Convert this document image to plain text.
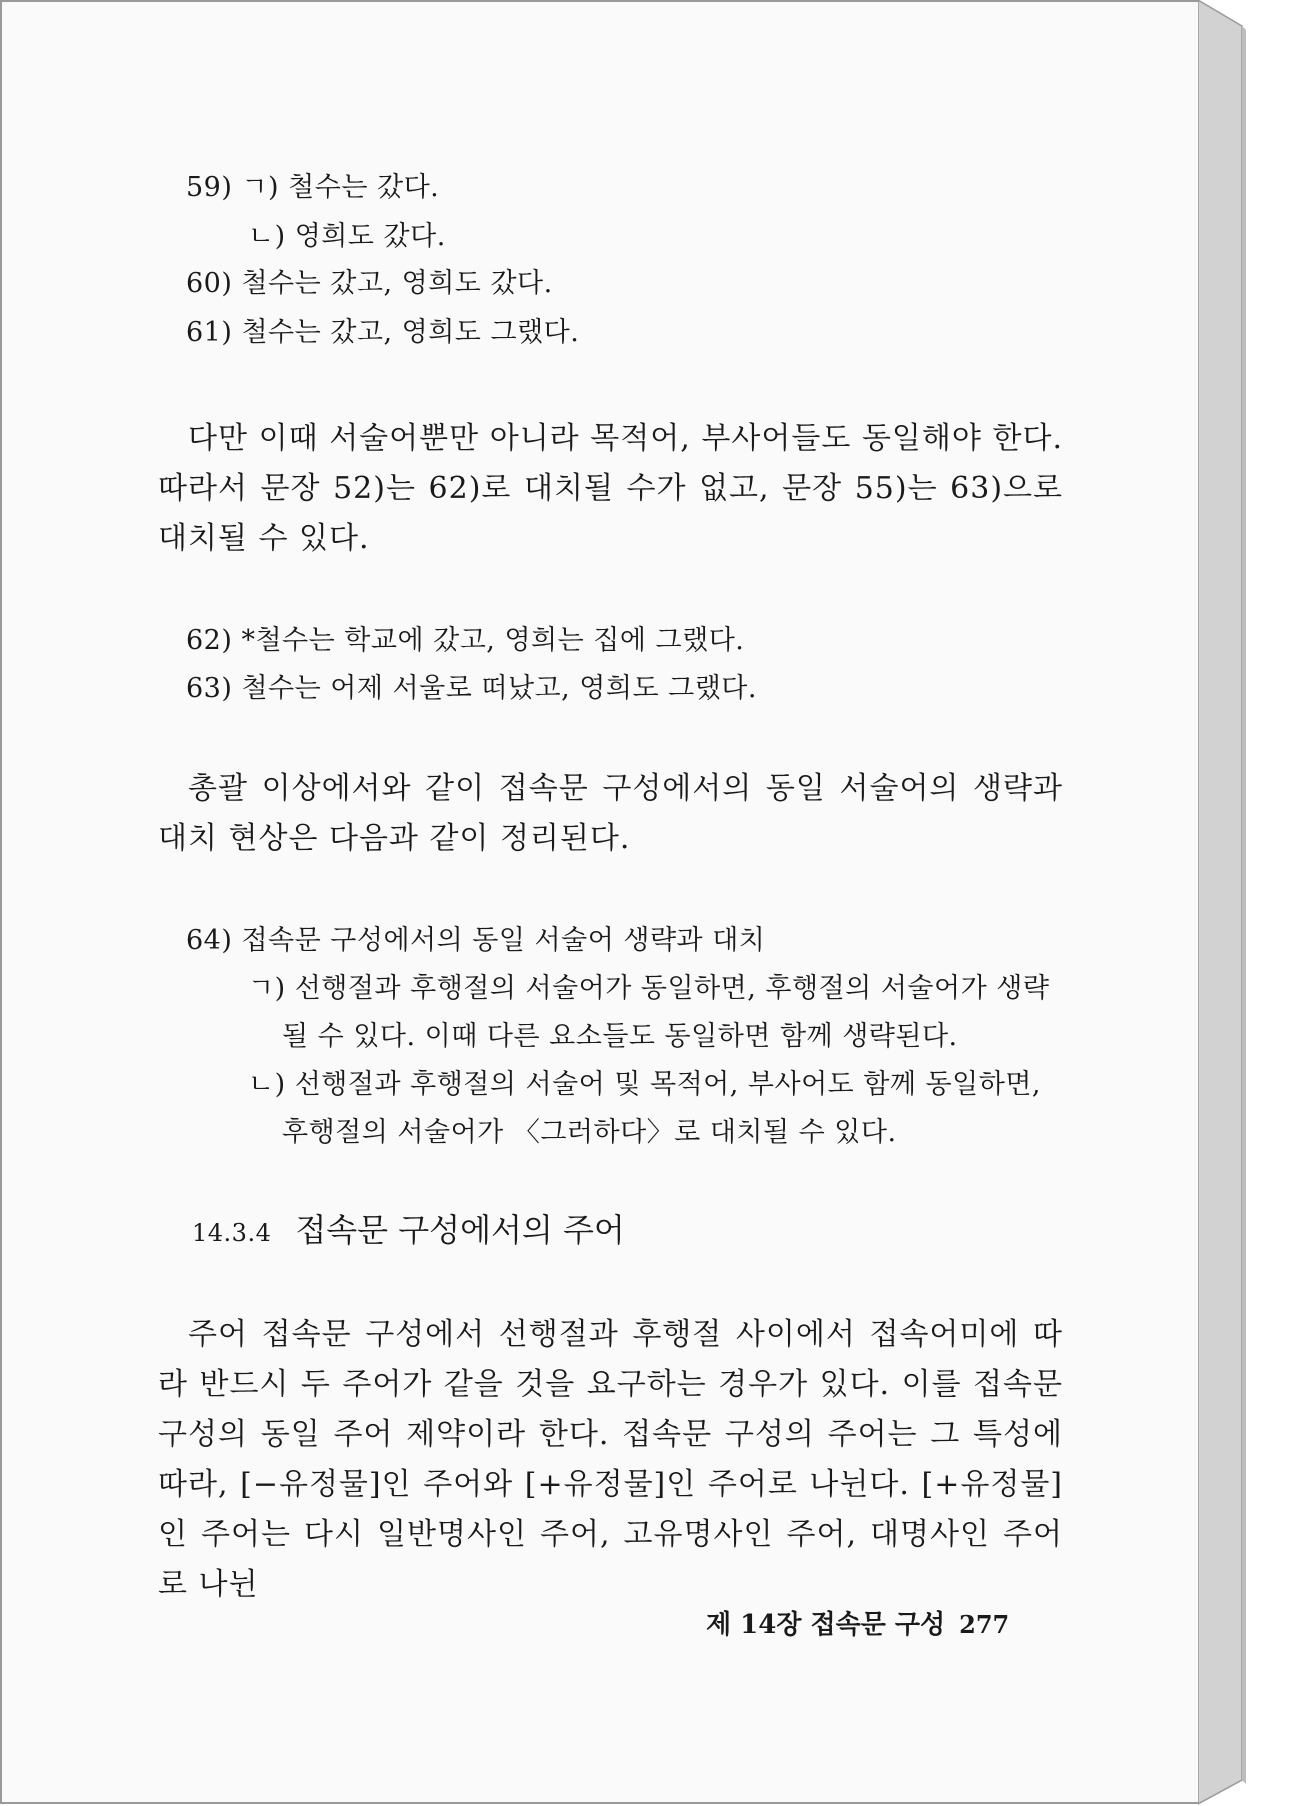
59) ㄱ) 철수는 갔다.
ㄴ) 영희도 갔다.
60) 철수는 갔고, 영희도 갔다.
61) 철수는 갔고, 영희도 그랬다.
다만 이때 서술어뿐만 아니라 목적어, 부사어들도 동일해야 한다. 따라서 문장 52)는 62)로 대치될 수가 없고, 문장 55)는 63)으로 대치될 수 있다.
62) *철수는 학교에 갔고, 영희는 집에 그랬다.
63) 철수는 어제 서울로 떠났고, 영희도 그랬다.
총괄 이상에서와 같이 접속문 구성에서의 동일 서술어의 생략과 대치 현상은 다음과 같이 정리된다.
64) 접속문 구성에서의 동일 서술어 생략과 대치
ㄱ) 선행절과 후행절의 서술어가 동일하면, 후행절의 서술어가 생략
될 수 있다. 이때 다른 요소들도 동일하면 함께 생략된다.
ㄴ) 선행절과 후행절의 서술어 및 목적어, 부사어도 함께 동일하면,
후행절의 서술어가 〈그러하다〉로 대치될 수 있다.
14.3.4 접속문 구성에서의 주어
주어 접속문 구성에서 선행절과 후행절 사이에서 접속어미에 따라 반드시 두 주어가 같을 것을 요구하는 경우가 있다. 이를 접속문 구성의 동일 주어 제약이라 한다. 접속문 구성의 주어는 그 특성에 따라, [−유정물]인 주어와 [+유정물]인 주어로 나뉜다. [+유정물]인 주어는 다시 일반명사인 주어, 고유명사인 주어, 대명사인 주어로 나뉜
제 14장 접속문 구성 277
